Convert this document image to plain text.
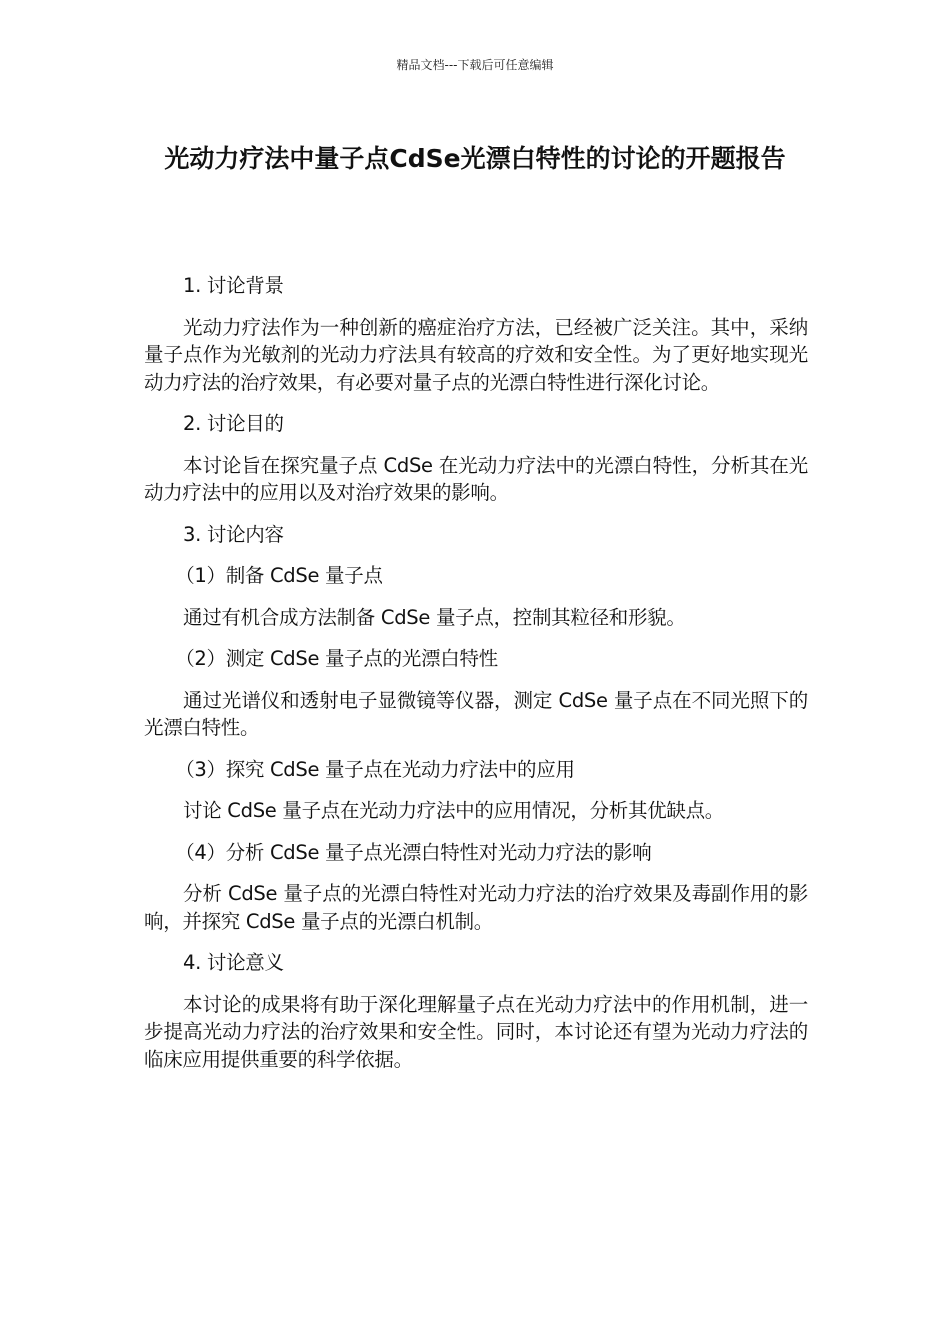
精品文档---下载后可任意编辑
光动力疗法中量子点CdSe光漂白特性的讨论的开题报告

1. 讨论背景

光动力疗法作为一种创新的癌症治疗方法，已经被广泛关注。其中，采纳量子点作为光敏剂的光动力疗法具有较高的疗效和安全性。为了更好地实现光动力疗法的治疗效果，有必要对量子点的光漂白特性进行深化讨论。

2. 讨论目的

本讨论旨在探究量子点 CdSe 在光动力疗法中的光漂白特性，分析其在光动力疗法中的应用以及对治疗效果的影响。

3. 讨论内容

（1）制备 CdSe 量子点

通过有机合成方法制备 CdSe 量子点，控制其粒径和形貌。

（2）测定 CdSe 量子点的光漂白特性

通过光谱仪和透射电子显微镜等仪器，测定 CdSe 量子点在不同光照下的光漂白特性。

（3）探究 CdSe 量子点在光动力疗法中的应用

讨论 CdSe 量子点在光动力疗法中的应用情况，分析其优缺点。

（4）分析 CdSe 量子点光漂白特性对光动力疗法的影响

分析 CdSe 量子点的光漂白特性对光动力疗法的治疗效果及毒副作用的影响，并探究 CdSe 量子点的光漂白机制。

4. 讨论意义

本讨论的成果将有助于深化理解量子点在光动力疗法中的作用机制，进一步提高光动力疗法的治疗效果和安全性。同时，本讨论还有望为光动力疗法的临床应用提供重要的科学依据。
